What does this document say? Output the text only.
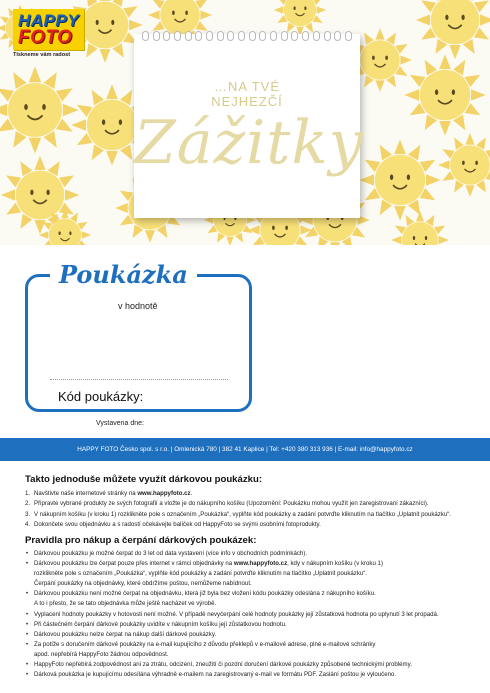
…NA TVÉ
NEJHEZČÍ
Zážitky
HAPPY
FOTO
Tiskneme vám radost
Poukázka
v hodnotě
Kód poukázky:
Vystavena dne:
HAPPY FOTO Česko spol. s r.o. | Omlenická 780 | 382 41 Kaplice | Tel: +420 380 313 936 | E-mail: info@happyfoto.cz
Takto jednoduše můžete využít dárkovou poukázku:
1. Navštivte naše internetové stránky na www.happyfoto.cz.
2. Připravte vybrané produkty ze svých fotografií a vložte je do nákupního košíku (Upozornění: Poukázku mohou využít jen zaregistrovaní zákazníci).
3. V nákupním košíku (v kroku 1) rozklikněte pole s označením „Poukázka“, vyplňte kód poukázky a zadání potvrďte kliknutím na tlačítko „Uplatnit poukázku“.
4. Dokončete svou objednávku a s radostí očekávejte balíček od HappyFoto se svými osobními fotoprodukty.
Pravidla pro nákup a čerpání dárkových poukázek:
• Dárkovou poukázku je možné čerpat do 3 let od data vystavení (více info v obchodních podmínkách).
• Dárkovou poukázku lze čerpat pouze přes internet v rámci objednávky na www.happyfoto.cz, kdy v nákupním košíku (v kroku 1)
rozklikněte pole s označením „Poukázka“, vyplňte kód poukázky a zadání potvrďte kliknutím na tlačítko „Uplatnit poukázku“.
Čerpání poukázky na objednávky, které obdržíme poštou, nemůžeme nabídnout.
• Dárkovou poukázku není možné čerpat na objednávku, která již byla bez vložení kódu poukázky odeslána z nákupního košíku.
A to i přesto, že se tato objednávka může ještě nacházet ve výrobě.
• Vyplacení hodnoty poukázky v hotovosti není možné. V případě nevyčerpání celé hodnoty poukázky její zůstatková hodnota po uplynutí 3 let propadá.
• Při částečném čerpání dárkové poukázky uvidíte v nákupním košíku její zůstatkovou hodnotu.
• Dárkovou poukázku nelze čerpat na nákup další dárkové poukázky.
• Za potíže s doručením dárkové poukázky na e-mail kupujícího z důvodu překlepů v e-mailové adrese, plné e-mailové schránky
apod. nepřebírá HappyFoto žádnou odpovědnost.
• HappyFoto nepřebírá zodpovědnost ani za ztrátu, odcizení, zneužití či pozdní doručení dárkové poukázky způsobené technickými problémy.
• Dárková poukázka je kupujícímu odesílána výhradně e-mailem na zaregistrovaný e-mail ve formátu PDF. Zaslání poštou je vyloučeno.
